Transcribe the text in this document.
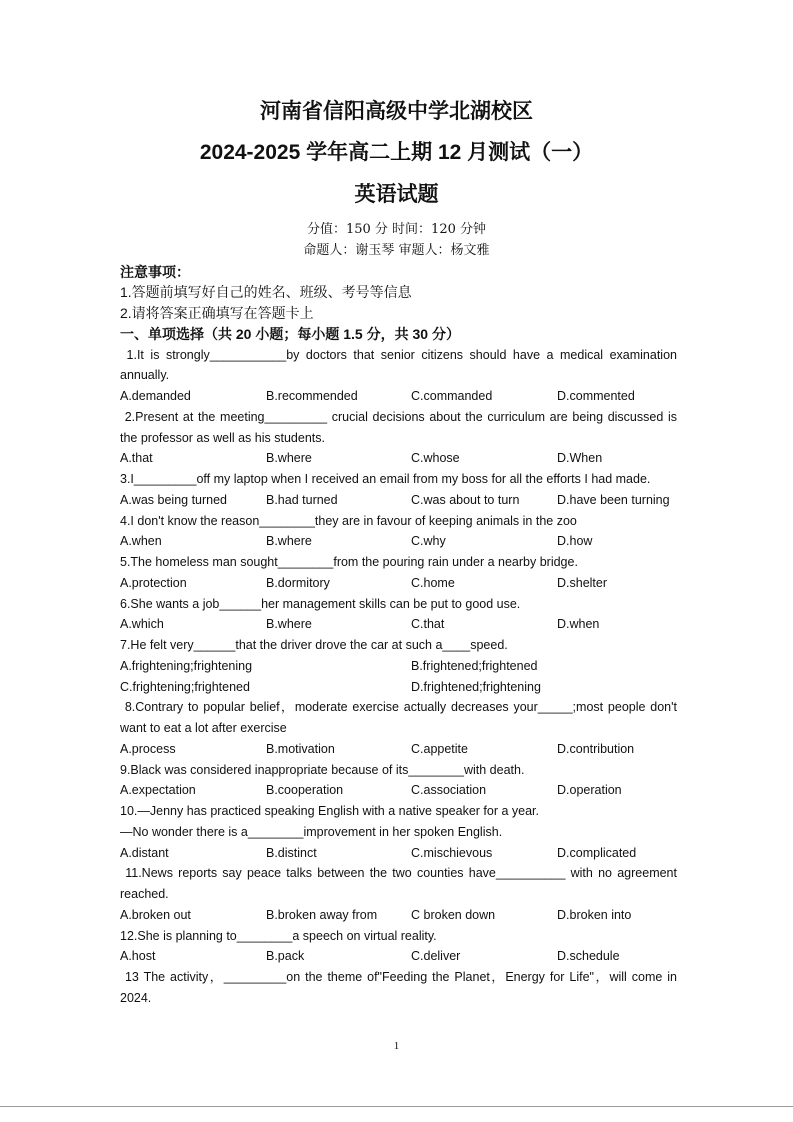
河南省信阳高级中学北湖校区
2024-2025 学年高二上期 12 月测试（一）
英语试题
分值：150 分 时间：120 分钟
命题人：谢玉琴 审题人：杨文雅
注意事项：
1.答题前填写好自己的姓名、班级、考号等信息
2.请将答案正确填写在答题卡上
一、单项选择（共 20 小题；每小题 1.5 分，共 30 分）
1.It is strongly___________by doctors that senior citizens should have a medical examination
annually.
A.demanded	B.recommended	C.commanded	D.commented
2.Present at the meeting_________ crucial decisions about the curriculum are being discussed is
the professor as well as his students.
A.that	B.where	C.whose	D.When
3.I_________off my laptop when I received an email from my boss for all the efforts I had made.
A.was being turned	B.had turned	C.was about to turn	D.have been turning
4.I don't know the reason________they are in favour of keeping animals in the zoo
A.when	B.where	C.why	D.how
5.The homeless man sought________from the pouring rain under a nearby bridge.
A.protection	B.dormitory	C.home	D.shelter
6.She wants a job______her management skills can be put to good use.
A.which	B.where	C.that	D.when
7.He felt very______that the driver drove the car at such a____speed.
A.frightening;frightening	B.frightened;frightened
C.frightening;frightened	D.frightened;frightening
8.Contrary to popular belief，moderate exercise actually decreases your_____;most people don't
want to eat a lot after exercise
A.process	B.motivation	C.appetite	D.contribution
9.Black was considered inappropriate because of its________with death.
A.expectation	B.cooperation	C.association	D.operation
10.—Jenny has practiced speaking English with a native speaker for a year.
—No wonder there is a________improvement in her spoken English.
A.distant	B.distinct	C.mischievous	D.complicated
11.News reports say peace talks between the two counties have__________ with no agreement
reached.
A.broken out	B.broken away from	C broken down	D.broken into
12.She is planning to________a speech on virtual reality.
A.host	B.pack	C.deliver	D.schedule
13 The activity，_________on the theme of"Feeding the Planet，Energy for Life"，will come in
2024.
1
